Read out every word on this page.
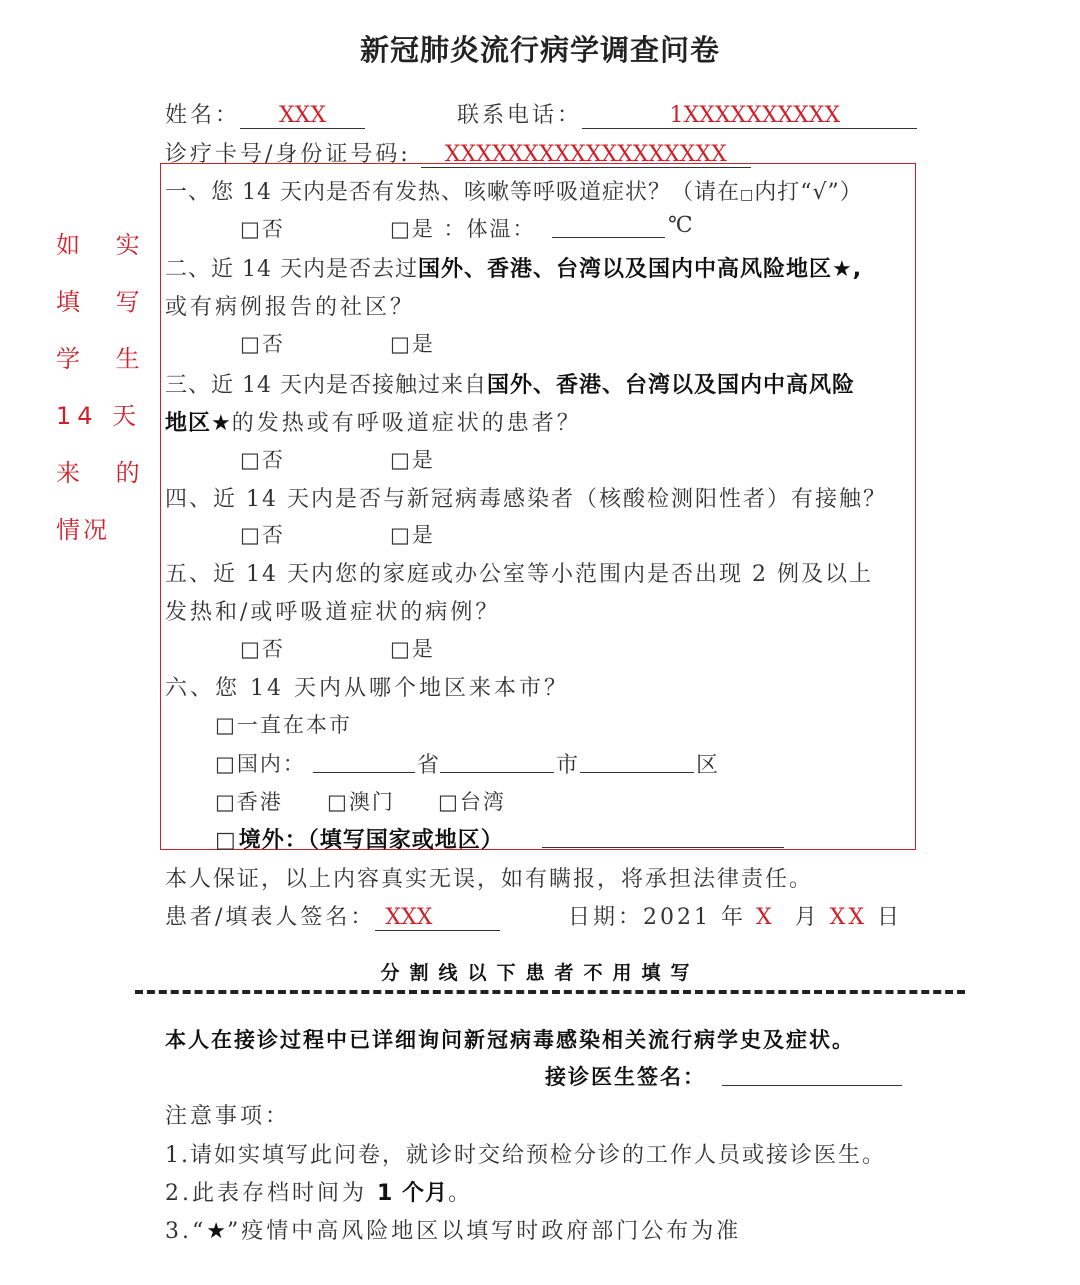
新冠肺炎流行病学调查问卷
姓名： XXX	联系电话：	1XXXXXXXXXX
诊疗卡号/身份证号码: XXXXXXXXXXXXXXXXXX
如 实
填 写
学 生
14 天
来 的
情况
一、您 14 天内是否有发热、咳嗽等呼吸道症状？（请在□内打“√”）
□否	□是 ：体温：	℃
二、近 14 天内是否去过国外、香港、台湾以及国内中高风险地区★,
或有病例报告的社区？
□否	□是
三、近 14 天内是否接触过来自国外、香港、台湾以及国内中高风险
地区★的发热或有呼吸道症状的患者？
□否	□是
四、近 14 天内是否与新冠病毒感染者（核酸检测阳性者）有接触？
□否	□是
五、近 14 天内您的家庭或办公室等小范围内是否出现 2 例及以上
发热和/或呼吸道症状的病例？
□否	□是
六、您 14 天内从哪个地区来本市？
□一直在本市
□国内：	省	市	区
□香港 □澳门 □台湾
□境外：（填写国家或地区）
本人保证，以上内容真实无误，如有瞒报，将承担法律责任。
患者/填表人签名： XXX	日期：2021 年 X 月 XX 日
分割线以下患者不用填写
本人在接诊过程中已详细询问新冠病毒感染相关流行病学史及症状。
接诊医生签名：
注意事项：
1.请如实填写此问卷，就诊时交给预检分诊的工作人员或接诊医生。
2.此表存档时间为 1 个月。
3.“★”疫情中高风险地区以填写时政府部门公布为准
